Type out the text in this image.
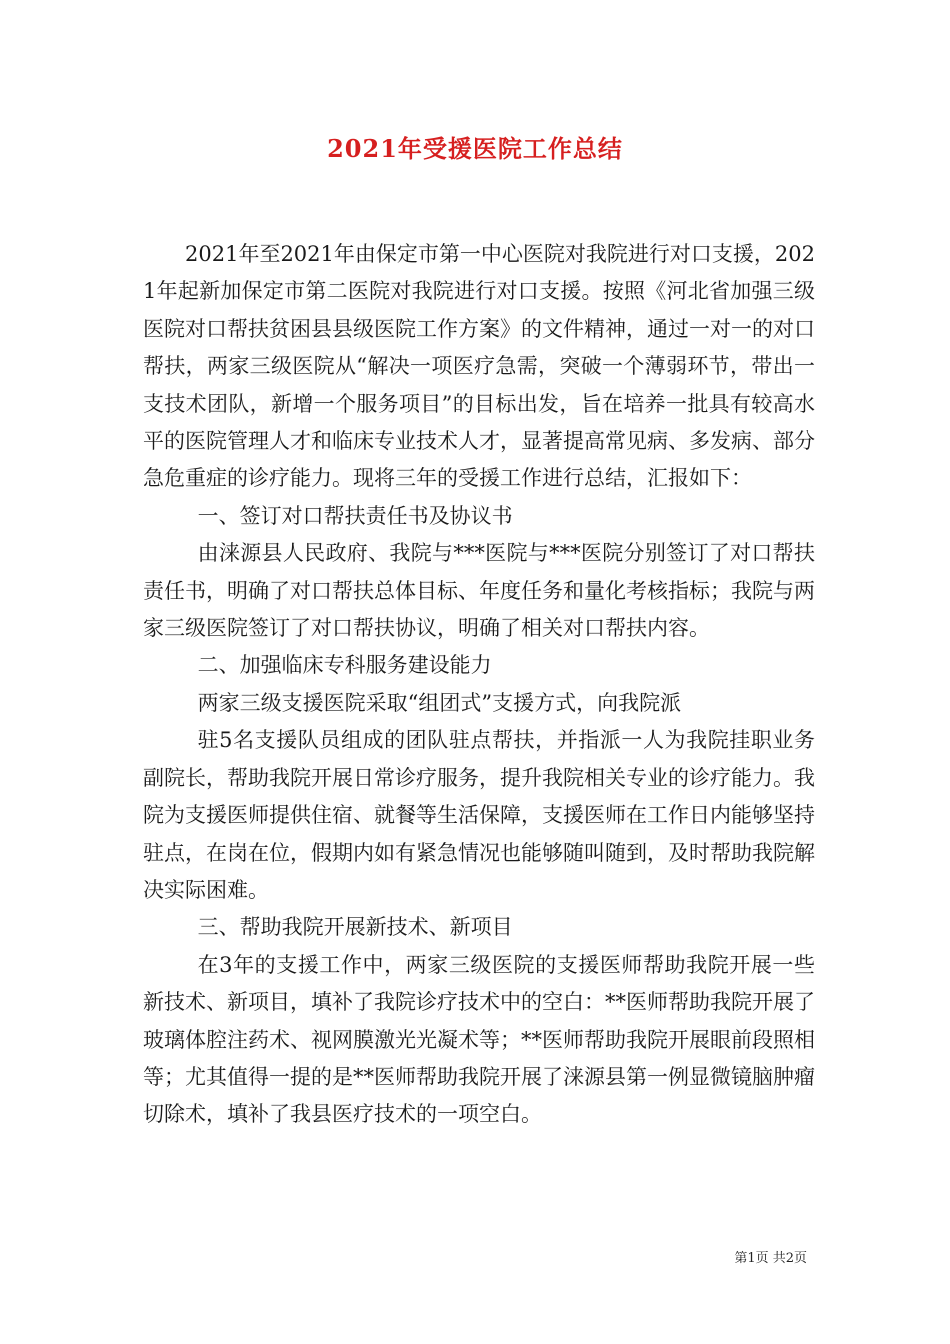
2021年受援医院工作总结

2021年至2021年由保定市第一中心医院对我院进行对口支援，2021年起新加保定市第二医院对我院进行对口支援。按照《河北省加强三级医院对口帮扶贫困县县级医院工作方案》的文件精神，通过一对一的对口帮扶，两家三级医院从“解决一项医疗急需，突破一个薄弱环节，带出一支技术团队，新增一个服务项目”的目标出发，旨在培养一批具有较高水平的医院管理人才和临床专业技术人才，显著提高常见病、多发病、部分急危重症的诊疗能力。现将三年的受援工作进行总结，汇报如下：

一、签订对口帮扶责任书及协议书

由涞源县人民政府、我院与***医院与***医院分别签订了对口帮扶责任书，明确了对口帮扶总体目标、年度任务和量化考核指标；我院与两家三级医院签订了对口帮扶协议，明确了相关对口帮扶内容。

二、加强临床专科服务建设能力

两家三级支援医院采取“组团式”支援方式，向我院派

驻5名支援队员组成的团队驻点帮扶，并指派一人为我院挂职业务副院长，帮助我院开展日常诊疗服务，提升我院相关专业的诊疗能力。我院为支援医师提供住宿、就餐等生活保障，支援医师在工作日内能够坚持驻点，在岗在位，假期内如有紧急情况也能够随叫随到，及时帮助我院解决实际困难。

三、帮助我院开展新技术、新项目

在3年的支援工作中，两家三级医院的支援医师帮助我院开展一些新技术、新项目，填补了我院诊疗技术中的空白：**医师帮助我院开展了玻璃体腔注药术、视网膜激光光凝术等；**医师帮助我院开展眼前段照相等；尤其值得一提的是**医师帮助我院开展了涞源县第一例显微镜脑肿瘤切除术，填补了我县医疗技术的一项空白。

第1页 共2页
